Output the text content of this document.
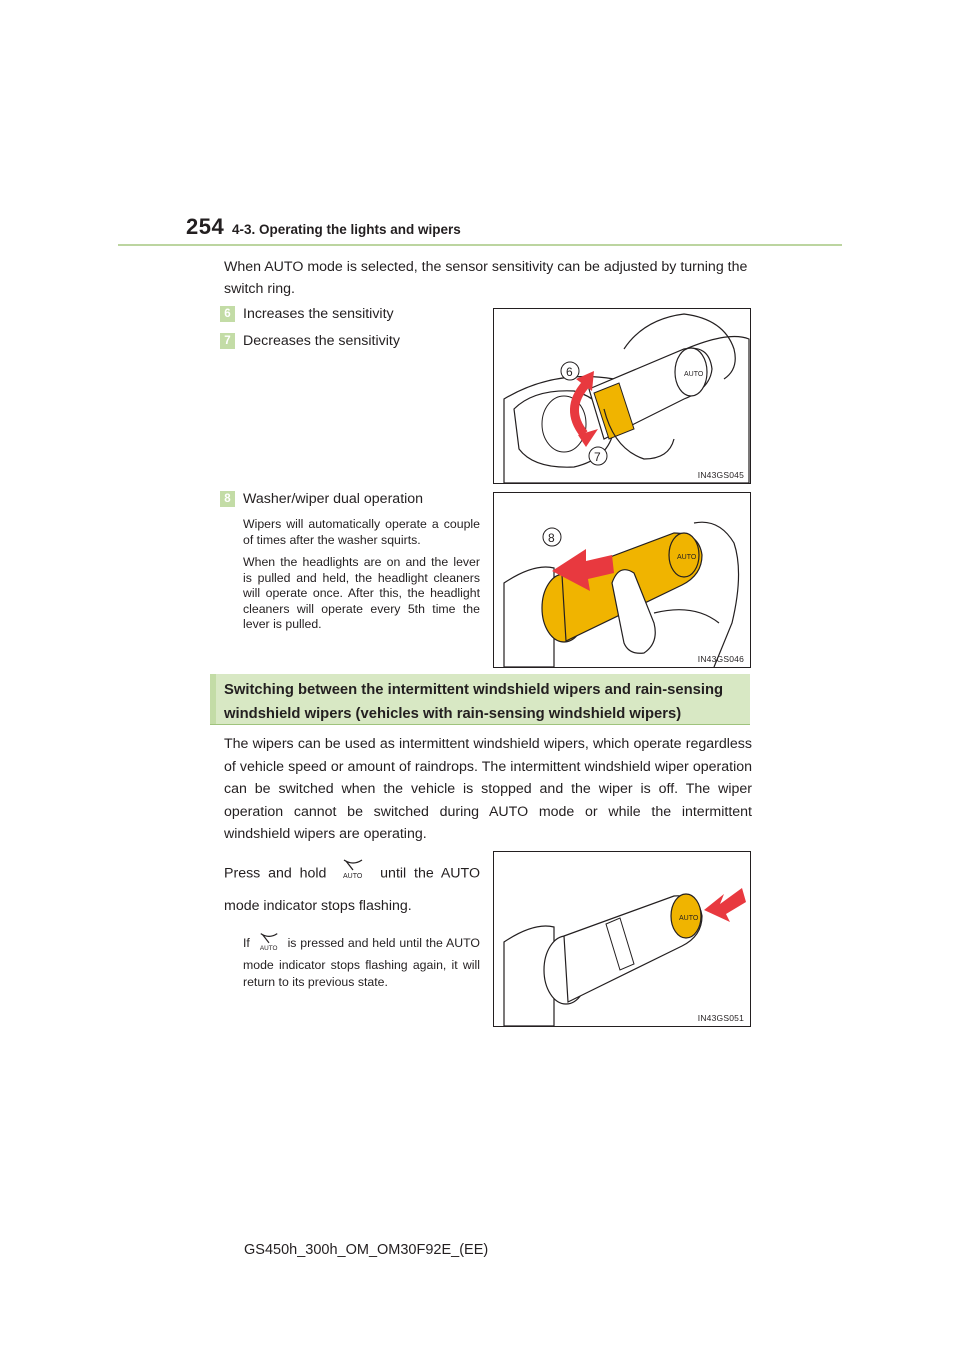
254 4-3. Operating the lights and wipers
When AUTO mode is selected, the sensor sensitivity can be adjusted by turning the switch ring.
6 Increases the sensitivity
7 Decreases the sensitivity
AUTO
6
7
IN43GS045
8 Washer/wiper dual operation
Wipers will automatically operate a couple of times after the washer squirts.
When the headlights are on and the lever is pulled and held, the headlight cleaners will operate once. After this, the headlight cleaners will operate every 5th time the lever is pulled.
AUTO
8
IN43GS046
Switching between the intermittent windshield wipers and rain-sensing
windshield wipers (vehicles with rain-sensing windshield wipers)
The wipers can be used as intermittent windshield wipers, which operate regardless of vehicle speed or amount of raindrops. The intermittent windshield wiper operation can be switched when the vehicle is stopped and the wiper is off. The wiper operation cannot be switched during AUTO mode or while the intermittent windshield wipers are operating.
Press and hold AUTO until the AUTO mode indicator stops flashing.
If AUTO is pressed and held until the AUTO mode indicator stops flashing again, it will return to its previous state.
AUTO
IN43GS051
GS450h_300h_OM_OM30F92E_(EE)
